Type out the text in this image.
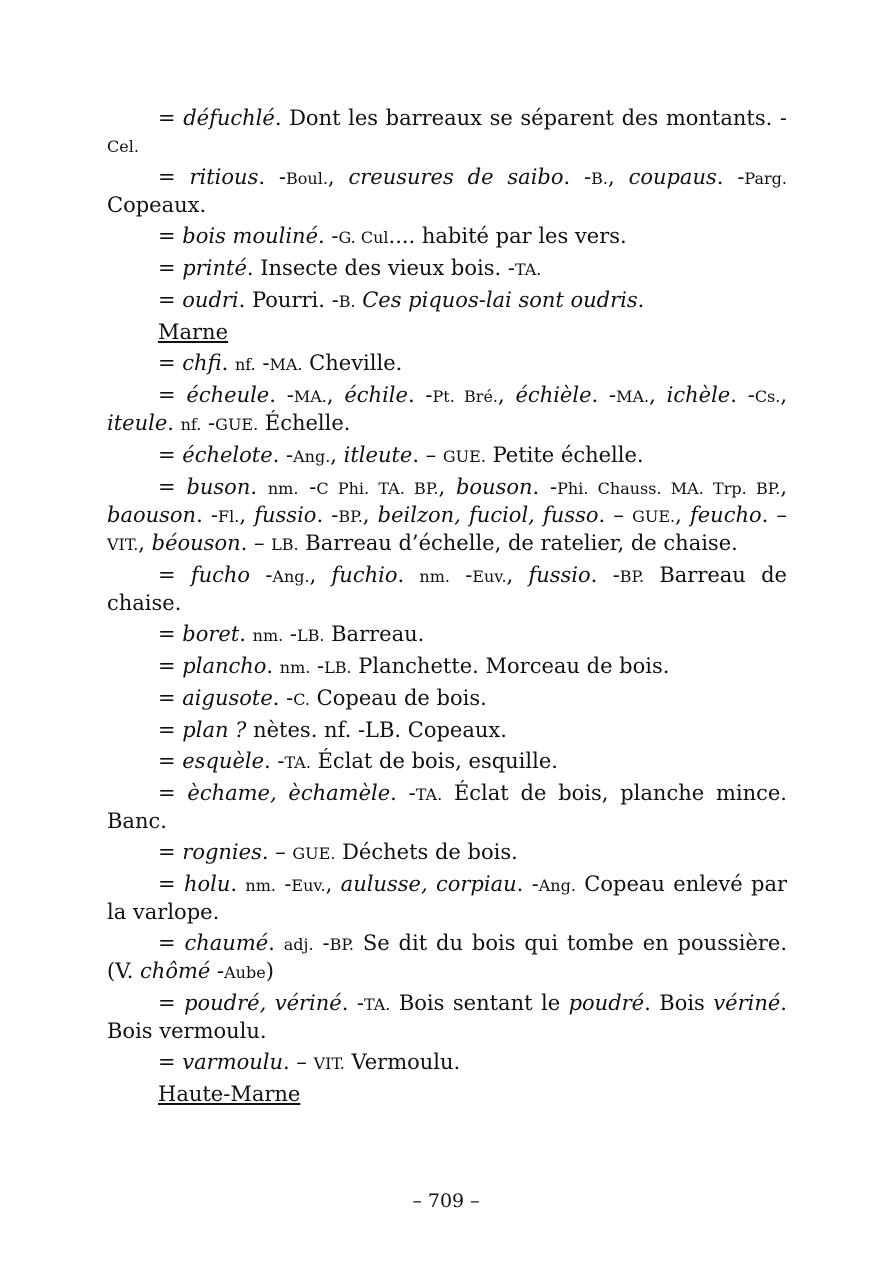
= défuchlé. Dont les barreaux se séparent des montants. -Cel.
= ritious. -Boul., creusures de saibo. -B., coupaus. -Parg. Copeaux.
= bois mouliné. -G. Cul.... habité par les vers.
= printé. Insecte des vieux bois. -TA.
= oudri. Pourri. -B. Ces piquos-lai sont oudris.
Marne
= chfi. nf. -MA. Cheville.
= écheule. -MA., échile. -Pt. Bré., échièle. -MA., ichèle. -Cs., iteule. nf. -GUE. Échelle.
= échelote. -Ang., itleute. – GUE. Petite échelle.
= buson. nm. -C Phi. TA. BP., bouson. -Phi. Chauss. MA. Trp. BP., baouson. -Fl., fussio. -BP., beilzon, fuciol, fusso. – GUE., feucho. – VIT., béouson. – LB. Barreau d’échelle, de ratelier, de chaise.
= fucho -Ang., fuchio. nm. -Euv., fussio. -BP. Barreau de chaise.
= boret. nm. -LB. Barreau.
= plancho. nm. -LB. Planchette. Morceau de bois.
= aigusote. -C. Copeau de bois.
= plan ? nètes. nf. -LB. Copeaux.
= esquèle. -TA. Éclat de bois, esquille.
= èchame, èchamèle. -TA. Éclat de bois, planche mince. Banc.
= rognies. – GUE. Déchets de bois.
= holu. nm. -Euv., aulusse, corpiau. -Ang. Copeau enlevé par la varlope.
= chaumé. adj. -BP. Se dit du bois qui tombe en poussière. (V. chômé -Aube)
= poudré, vériné. -TA. Bois sentant le poudré. Bois vériné. Bois vermoulu.
= varmoulu. – VIT. Vermoulu.
Haute-Marne
– 709 –
